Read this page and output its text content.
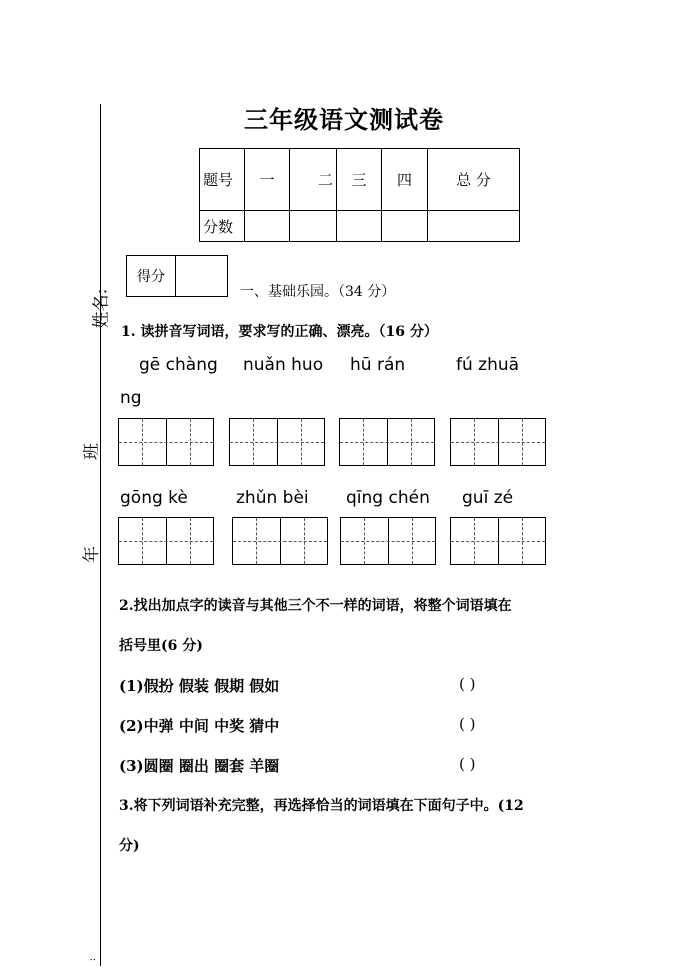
姓名:
班
年
:
三年级语文测试卷
题号	一	二	三	四	总 分
分数					
得分
一、基础乐园。（34 分）
1. 读拼音写词语，要求写的正确、漂亮。（16 分）
gē chàng nuǎn huo hū rán	fú zhuā
ng
gōng kè	zhǔn bèi qīng chén guī zé
2.找出加点字的读音与其他三个不一样的词语，将整个词语填在
括号里(6 分)
(1)假扮 假装 假期 假如	( )
(2)中弹 中间 中奖 猜中	( )
(3)圆圈 圈出 圈套 羊圈	( )
3.将下列词语补充完整，再选择恰当的词语填在下面句子中。(12
分)
